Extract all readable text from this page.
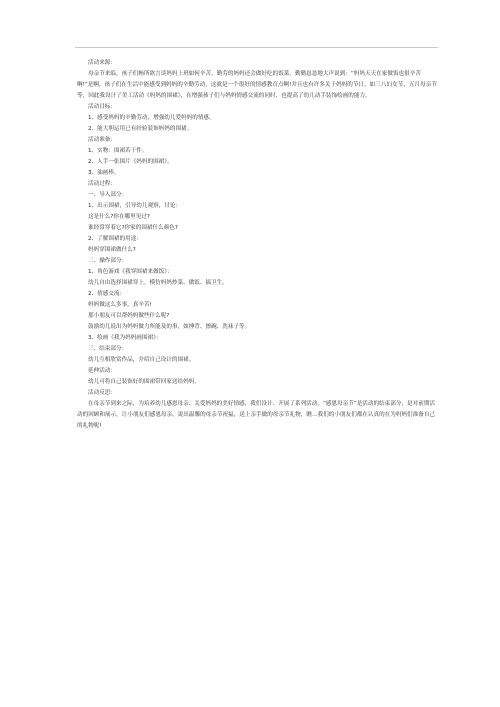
活动来源：

母亲节来临，孩子们畅所欲言谈妈妈上班如何辛苦，勤劳的妈妈还会做好吃的饭菜，勤勤恳恳地大声说到：“妈妈天天在家做饭也很辛苦啊!”是啊，孩子们在生活中能感受到妈妈的辛勤劳动，这就是一个很好的情感教育点啊!并且也有许多关于妈妈的节日，如三八妇女节、五月母亲节等，因此我设计了美工活动《妈妈的围裙》，在增强孩子们与妈妈情感交流的同时，也提高了幼儿动手装饰绘画的能力。

活动目标：

1、感受妈妈的辛勤劳动，增强幼儿爱妈妈的情感。

2、能大胆运用已有经验装饰妈妈的围裙。

活动准备：

1、实物：围裙若干件。

2、人手一张围片《妈妈的围裙》。

3、油画棒。

活动过程：

一、导入部分：

1、出示围裙，引导幼儿观察，讨论：

这是什么?你在哪里见过?

谁经常穿着它?你家的围裙什么颜色?

2、了解围裙的用途：

妈妈穿围裙做什么?

二、操作部分：

1、角色游戏《我穿围裙来做饭》：

幼儿自由选择围裙穿上，模仿妈妈炒菜、做饭、搞卫生。

2、情感交流：

妈妈做这么多事，真辛苦!

那小朋友可以帮妈妈做些什么呢?

鼓励幼儿说出为妈妈做力所能及的事，如捶背、擦碗、洗袜子等。

3、绘画《我为妈妈画围裙》：

三、结束部分：

幼儿互相欣赏作品，介绍自己设计的围裙。

延伸活动：

幼儿可将自己装饰好的围裙带回家送给妈妈。

活动反思：

在母亲节到来之际，为培养幼儿感恩母亲、关爱妈妈的美好情感，我们设计、开展了系列活动。“感恩母亲节”是活动的结束部分，是对前期活动的回顾和展示，让小朋友们感恩母亲，说出温馨的母亲节祝福，送上亲手做的母亲节礼物，瞧…我们的小朋友们都在认真的在为妈妈们准备自己的礼物呢!
